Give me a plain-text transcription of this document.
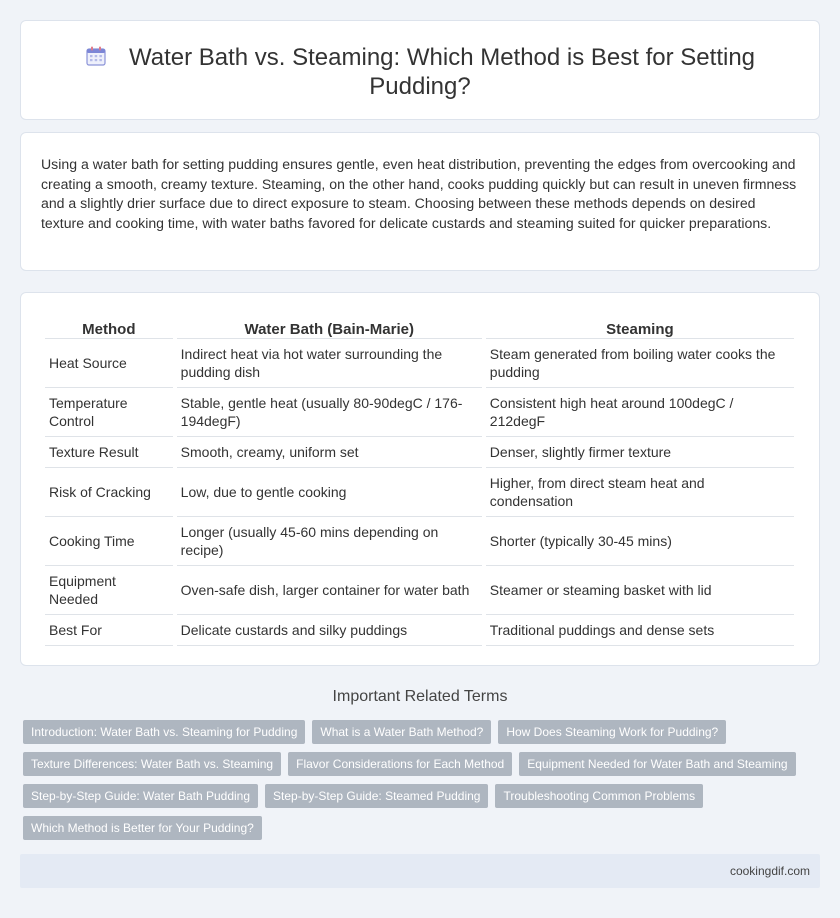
Water Bath vs. Steaming: Which Method is Best for Setting
Pudding?

Using a water bath for setting pudding ensures gentle, even heat distribution, preventing the edges from overcooking and creating a smooth, creamy texture. Steaming, on the other hand, cooks pudding quickly but can result in uneven firmness and a slightly drier surface due to direct exposure to steam. Choosing between these methods depends on desired texture and cooking time, with water baths favored for delicate custards and steaming suited for quicker preparations.

Method	Water Bath (Bain-Marie)	Steaming
Heat Source	Indirect heat via hot water surrounding the pudding dish	Steam generated from boiling water cooks the pudding
Temperature Control	Stable, gentle heat (usually 80-90degC / 176-194degF)	Consistent high heat around 100degC / 212degF
Texture Result	Smooth, creamy, uniform set	Denser, slightly firmer texture
Risk of Cracking	Low, due to gentle cooking	Higher, from direct steam heat and condensation
Cooking Time	Longer (usually 45-60 mins depending on recipe)	Shorter (typically 30-45 mins)
Equipment Needed	Oven-safe dish, larger container for water bath	Steamer or steaming basket with lid
Best For	Delicate custards and silky puddings	Traditional puddings and dense sets
Important Related Terms
Introduction: Water Bath vs. Steaming for Pudding	What is a Water Bath Method?	How Does Steaming Work for Pudding?
Texture Differences: Water Bath vs. Steaming	Flavor Considerations for Each Method	Equipment Needed for Water Bath and Steaming
Step-by-Step Guide: Water Bath Pudding	Step-by-Step Guide: Steamed Pudding	Troubleshooting Common Problems
Which Method is Better for Your Pudding?
cookingdif.com
